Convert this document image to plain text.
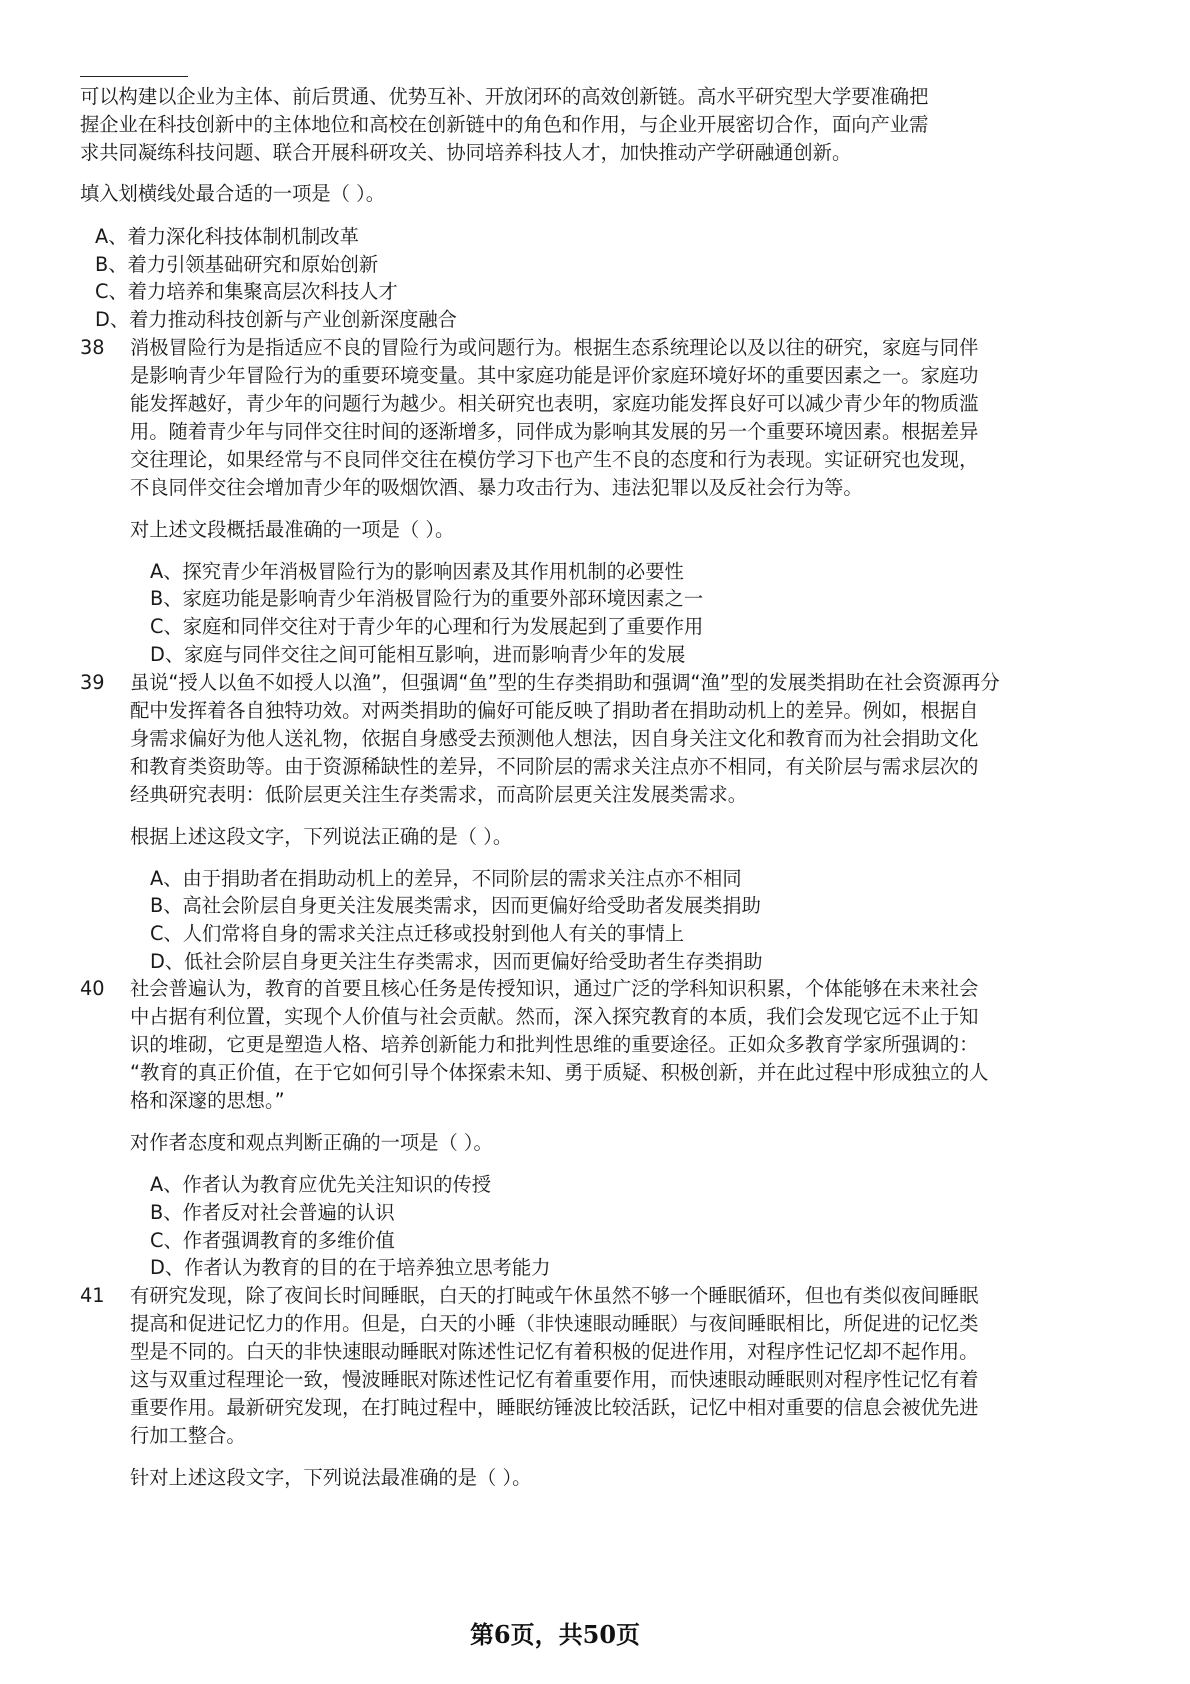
可以构建以企业为主体、前后贯通、优势互补、开放闭环的高效创新链。高水平研究型大学要准确把
握企业在科技创新中的主体地位和高校在创新链中的角色和作用，与企业开展密切合作，面向产业需
求共同凝练科技问题、联合开展科研攻关、协同培养科技人才，加快推动产学研融通创新。
填入划横线处最合适的一项是（ ）。
A、着力深化科技体制机制改革
B、着力引领基础研究和原始创新
C、着力培养和集聚高层次科技人才
D、着力推动科技创新与产业创新深度融合
38 消极冒险行为是指适应不良的冒险行为或问题行为。根据生态系统理论以及以往的研究，家庭与同伴
是影响青少年冒险行为的重要环境变量。其中家庭功能是评价家庭环境好坏的重要因素之一。家庭功
能发挥越好，青少年的问题行为越少。相关研究也表明，家庭功能发挥良好可以减少青少年的物质滥
用。随着青少年与同伴交往时间的逐渐增多，同伴成为影响其发展的另一个重要环境因素。根据差异
交往理论，如果经常与不良同伴交往在模仿学习下也产生不良的态度和行为表现。实证研究也发现，
不良同伴交往会增加青少年的吸烟饮酒、暴力攻击行为、违法犯罪以及反社会行为等。
对上述文段概括最准确的一项是（ ）。
A、探究青少年消极冒险行为的影响因素及其作用机制的必要性
B、家庭功能是影响青少年消极冒险行为的重要外部环境因素之一
C、家庭和同伴交往对于青少年的心理和行为发展起到了重要作用
D、家庭与同伴交往之间可能相互影响，进而影响青少年的发展
39 虽说“授人以鱼不如授人以渔”，但强调“鱼”型的生存类捐助和强调“渔”型的发展类捐助在社会资源再分
配中发挥着各自独特功效。对两类捐助的偏好可能反映了捐助者在捐助动机上的差异。例如，根据自
身需求偏好为他人送礼物，依据自身感受去预测他人想法，因自身关注文化和教育而为社会捐助文化
和教育类资助等。由于资源稀缺性的差异，不同阶层的需求关注点亦不相同，有关阶层与需求层次的
经典研究表明：低阶层更关注生存类需求，而高阶层更关注发展类需求。
根据上述这段文字，下列说法正确的是（ ）。
A、由于捐助者在捐助动机上的差异，不同阶层的需求关注点亦不相同
B、高社会阶层自身更关注发展类需求，因而更偏好给受助者发展类捐助
C、人们常将自身的需求关注点迁移或投射到他人有关的事情上
D、低社会阶层自身更关注生存类需求，因而更偏好给受助者生存类捐助
40 社会普遍认为，教育的首要且核心任务是传授知识，通过广泛的学科知识积累，个体能够在未来社会
中占据有利位置，实现个人价值与社会贡献。然而，深入探究教育的本质，我们会发现它远不止于知
识的堆砌，它更是塑造人格、培养创新能力和批判性思维的重要途径。正如众多教育学家所强调的：
“教育的真正价值，在于它如何引导个体探索未知、勇于质疑、积极创新，并在此过程中形成独立的人
格和深邃的思想。”
对作者态度和观点判断正确的一项是（ ）。
A、作者认为教育应优先关注知识的传授
B、作者反对社会普遍的认识
C、作者强调教育的多维价值
D、作者认为教育的目的在于培养独立思考能力
41 有研究发现，除了夜间长时间睡眠，白天的打盹或午休虽然不够一个睡眠循环，但也有类似夜间睡眠
提高和促进记忆力的作用。但是，白天的小睡（非快速眼动睡眠）与夜间睡眠相比，所促进的记忆类
型是不同的。白天的非快速眼动睡眠对陈述性记忆有着积极的促进作用，对程序性记忆却不起作用。
这与双重过程理论一致，慢波睡眠对陈述性记忆有着重要作用，而快速眼动睡眠则对程序性记忆有着
重要作用。最新研究发现，在打盹过程中，睡眠纺锤波比较活跃，记忆中相对重要的信息会被优先进
行加工整合。
针对上述这段文字，下列说法最准确的是（ ）。
第6页，共50页
